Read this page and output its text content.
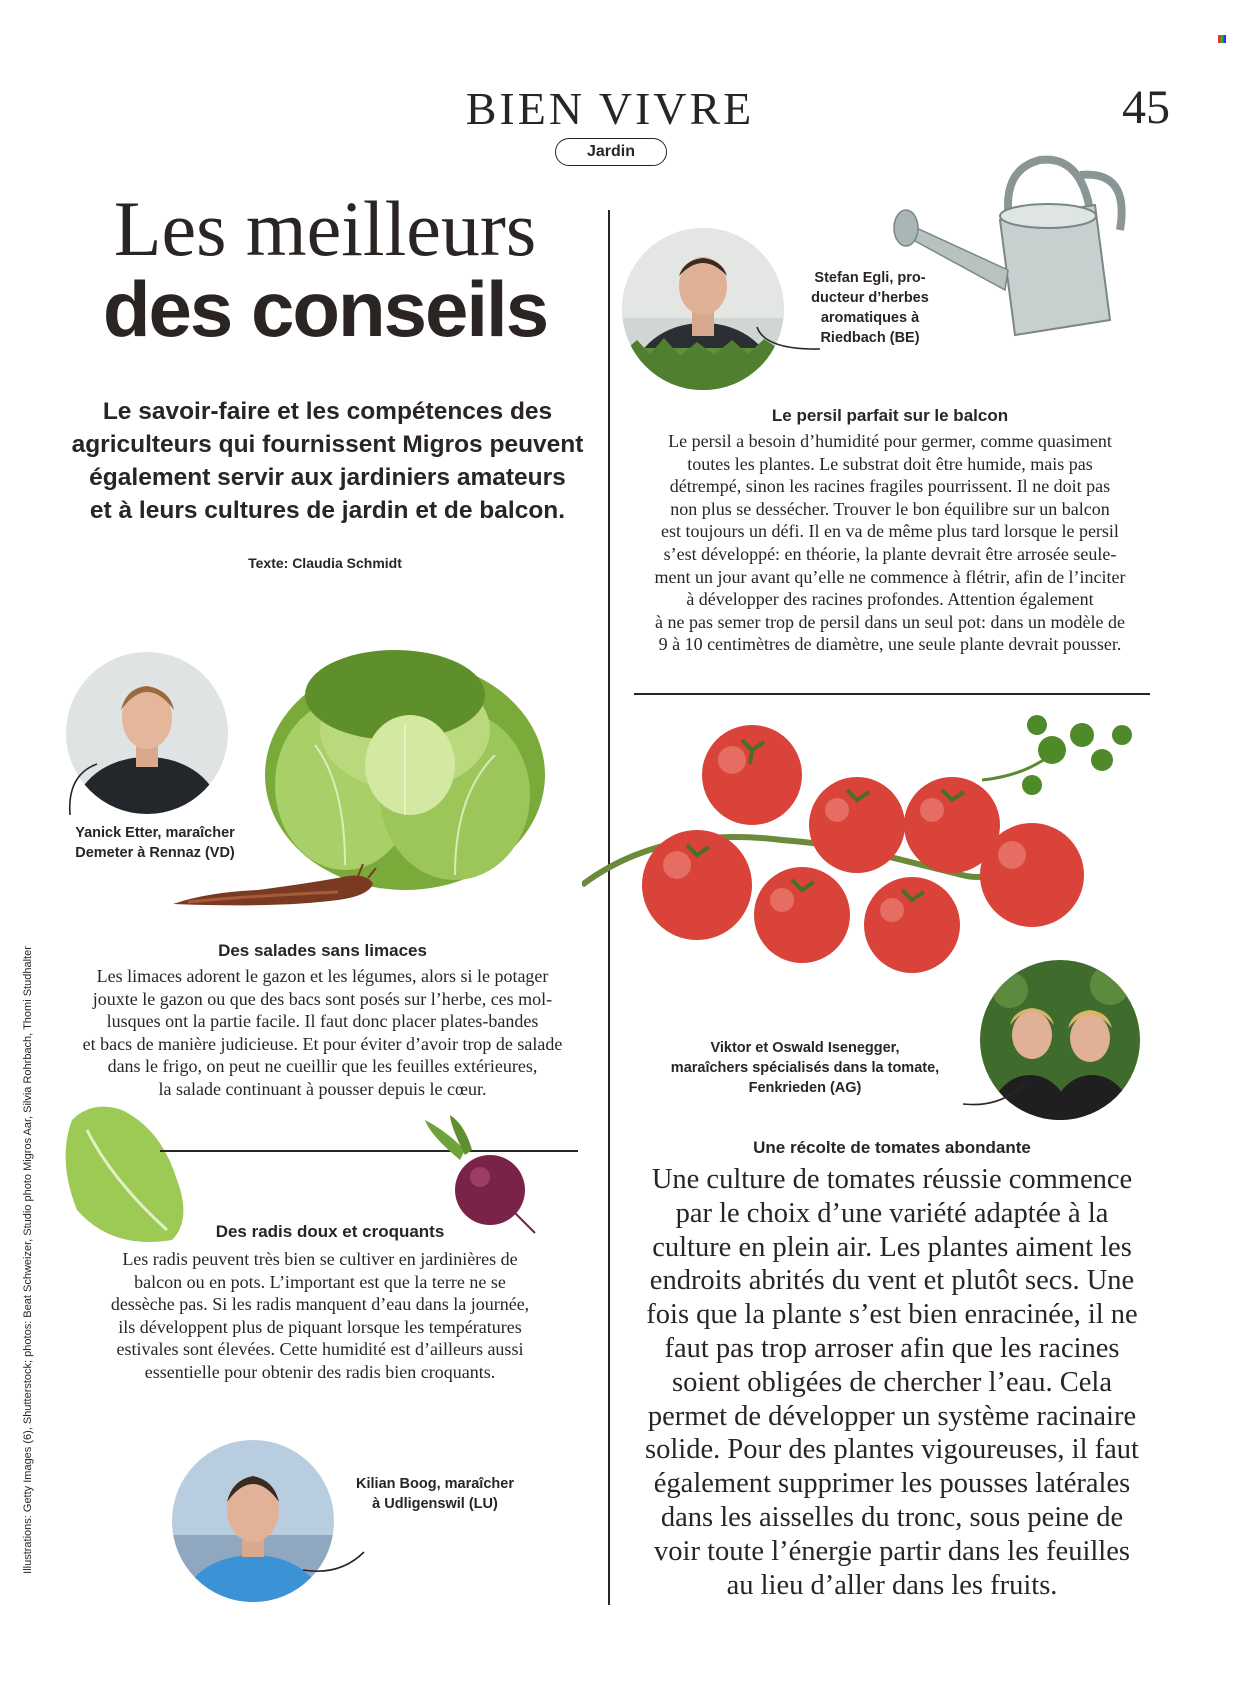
BIEN VIVRE
Jardin
45
Les meilleurs
des conseils
Le savoir-faire et les compétences des
agriculteurs qui fournissent Migros peuvent
également servir aux jardiniers amateurs
et à leurs cultures de jardin et de balcon.
Texte: Claudia Schmidt
Stefan Egli, pro-
ducteur d’herbes
aromatiques à
Riedbach (BE)
Le persil parfait sur le balcon
Le persil a besoin d’humidité pour germer, comme quasiment
toutes les plantes. Le substrat doit être humide, mais pas
détrempé, sinon les racines fragiles pourrissent. Il ne doit pas
non plus se dessécher. Trouver le bon équilibre sur un balcon
est toujours un défi. Il en va de même plus tard lorsque le persil
s’est développé: en théorie, la plante devrait être arrosée seule-
ment un jour avant qu’elle ne commence à flétrir, afin de l’inciter
à développer des racines profondes. Attention également
à ne pas semer trop de persil dans un seul pot: dans un modèle de
9 à 10 centimètres de diamètre, une seule plante devrait pousser.
Viktor et Oswald Isenegger,
maraîchers spécialisés dans la tomate,
Fenkrieden (AG)
Une récolte de tomates abondante
Une culture de tomates réussie commence
par le choix d’une variété adaptée à la
culture en plein air. Les plantes aiment les
endroits abrités du vent et plutôt secs. Une
fois que la plante s’est bien enracinée, il ne
faut pas trop arroser afin que les racines
soient obligées de chercher l’eau. Cela
permet de développer un système racinaire
solide. Pour des plantes vigoureuses, il faut
également supprimer les pousses latérales
dans les aisselles du tronc, sous peine de
voir toute l’énergie partir dans les feuilles
au lieu d’aller dans les fruits.
Yanick Etter, maraîcher
Demeter à Rennaz (VD)
Des salades sans limaces
Les limaces adorent le gazon et les légumes, alors si le potager
jouxte le gazon ou que des bacs sont posés sur l’herbe, ces mol-
lusques ont la partie facile. Il faut donc placer plates-bandes
et bacs de manière judicieuse. Et pour éviter d’avoir trop de salade
dans le frigo, on peut ne cueillir que les feuilles extérieures,
la salade continuant à pousser depuis le cœur.
Des radis doux et croquants
Les radis peuvent très bien se cultiver en jardinières de
balcon ou en pots. L’important est que la terre ne se
dessèche pas. Si les radis manquent d’eau dans la journée,
ils développent plus de piquant lorsque les températures
estivales sont élevées. Cette humidité est d’ailleurs aussi
essentielle pour obtenir des radis bien croquants.
Kilian Boog, maraîcher
à Udligenswil (LU)
Illustrations: Getty Images (6), Shutterstock; photos: Beat Schweizer, Studio photo Migros Aar, Silvia Rohrbach, Thomi Studhalter
